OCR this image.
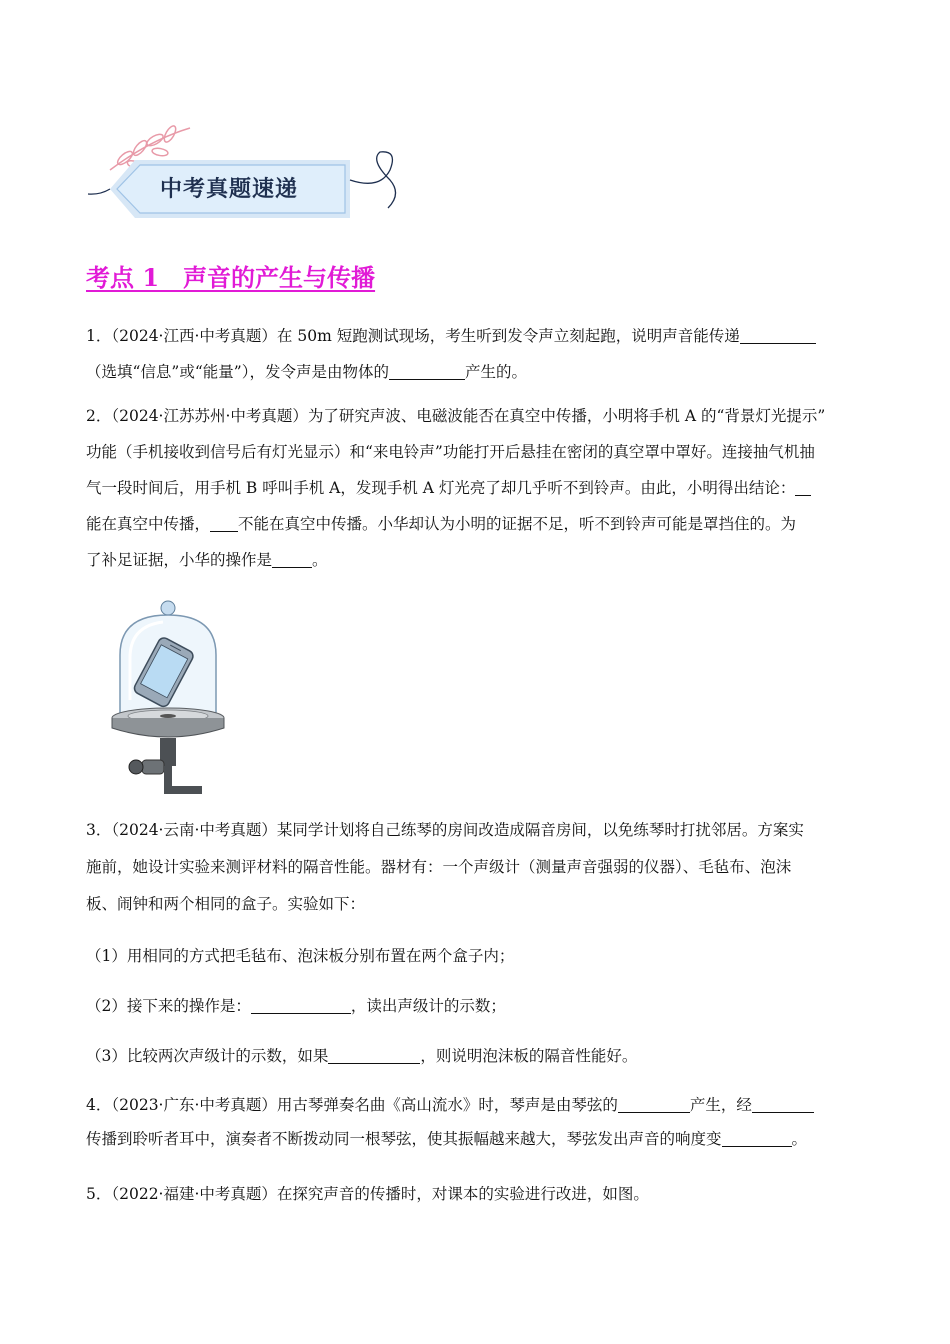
中考真题速递
考点 1　声音的产生与传播
1．（2024·江西·中考真题）在 50m 短跑测试现场，考生听到发令声立刻起跑，说明声音能传递
（选填“信息”或“能量”），发令声是由物体的	产生的。
2．（2024·江苏苏州·中考真题）为了研究声波、电磁波能否在真空中传播，小明将手机 A 的“背景灯光提示”
功能（手机接收到信号后有灯光显示）和“来电铃声”功能打开后悬挂在密闭的真空罩中罩好。连接抽气机抽
气一段时间后，用手机 B 呼叫手机 A，发现手机 A 灯光亮了却几乎听不到铃声。由此，小明得出结论：
能在真空中传播， 不能在真空中传播。小华却认为小明的证据不足，听不到铃声可能是罩挡住的。为
了补足证据，小华的操作是	。
3．（2024·云南·中考真题）某同学计划将自己练琴的房间改造成隔音房间，以免练琴时打扰邻居。方案实
施前，她设计实验来测评材料的隔音性能。器材有：一个声级计（测量声音强弱的仪器）、毛毡布、泡沫
板、闹钟和两个相同的盒子。实验如下：
（1）用相同的方式把毛毡布、泡沫板分别布置在两个盒子内；
（2）接下来的操作是：	，读出声级计的示数；
（3）比较两次声级计的示数，如果	，则说明泡沫板的隔音性能好。
4．（2023·广东·中考真题）用古琴弹奏名曲《高山流水》时，琴声是由琴弦的	产生，经
传播到聆听者耳中，演奏者不断拨动同一根琴弦，使其振幅越来越大，琴弦发出声音的响度变	。
5．（2022·福建·中考真题）在探究声音的传播时，对课本的实验进行改进，如图。
